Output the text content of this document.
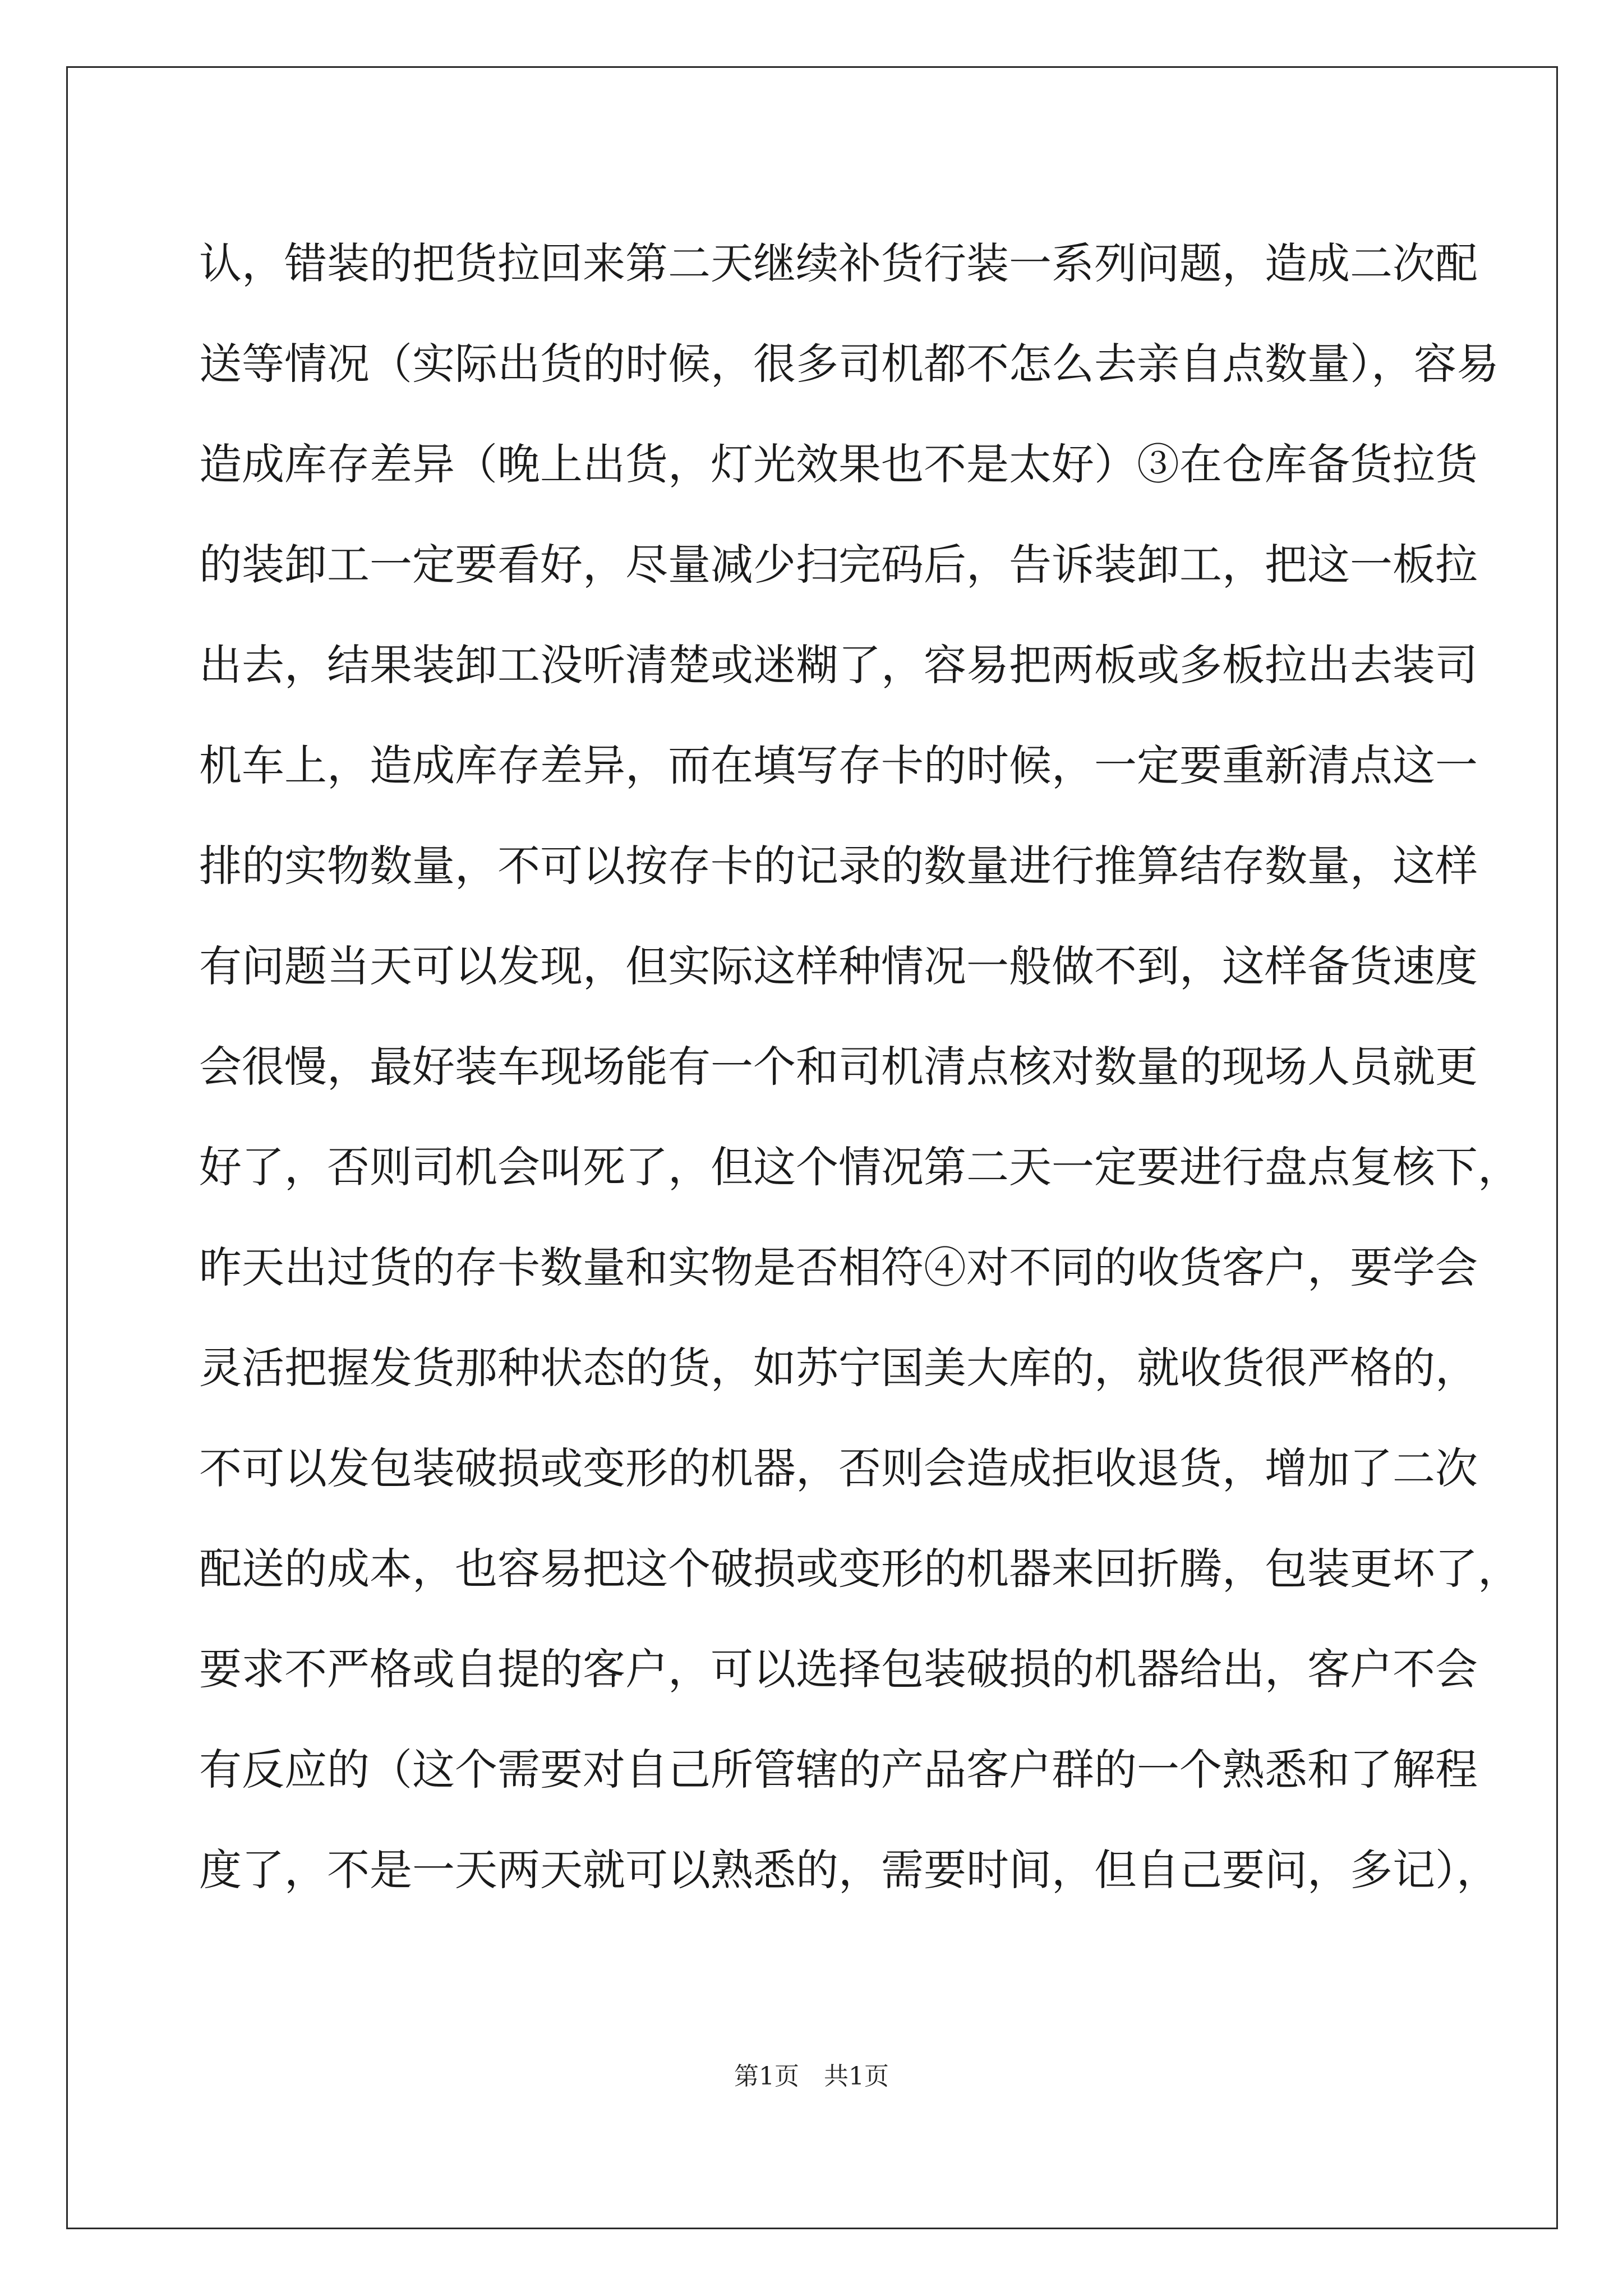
认，错装的把货拉回来第二天继续补货行装一系列问题，造成二次配
送等情况（实际出货的时候，很多司机都不怎么去亲自点数量），容易
造成库存差异（晚上出货，灯光效果也不是太好）③在仓库备货拉货
的装卸工一定要看好，尽量减少扫完码后，告诉装卸工，把这一板拉
出去，结果装卸工没听清楚或迷糊了，容易把两板或多板拉出去装司
机车上，造成库存差异，而在填写存卡的时候，一定要重新清点这一
排的实物数量，不可以按存卡的记录的数量进行推算结存数量，这样
有问题当天可以发现，但实际这样种情况一般做不到，这样备货速度
会很慢，最好装车现场能有一个和司机清点核对数量的现场人员就更
好了，否则司机会叫死了，但这个情况第二天一定要进行盘点复核下，
昨天出过货的存卡数量和实物是否相符④对不同的收货客户，要学会
灵活把握发货那种状态的货，如苏宁国美大库的，就收货很严格的，
不可以发包装破损或变形的机器，否则会造成拒收退货，增加了二次
配送的成本，也容易把这个破损或变形的机器来回折腾，包装更坏了，
要求不严格或自提的客户，可以选择包装破损的机器给出，客户不会
有反应的（这个需要对自己所管辖的产品客户群的一个熟悉和了解程
度了，不是一天两天就可以熟悉的，需要时间，但自己要问，多记），
第1页 共1页
